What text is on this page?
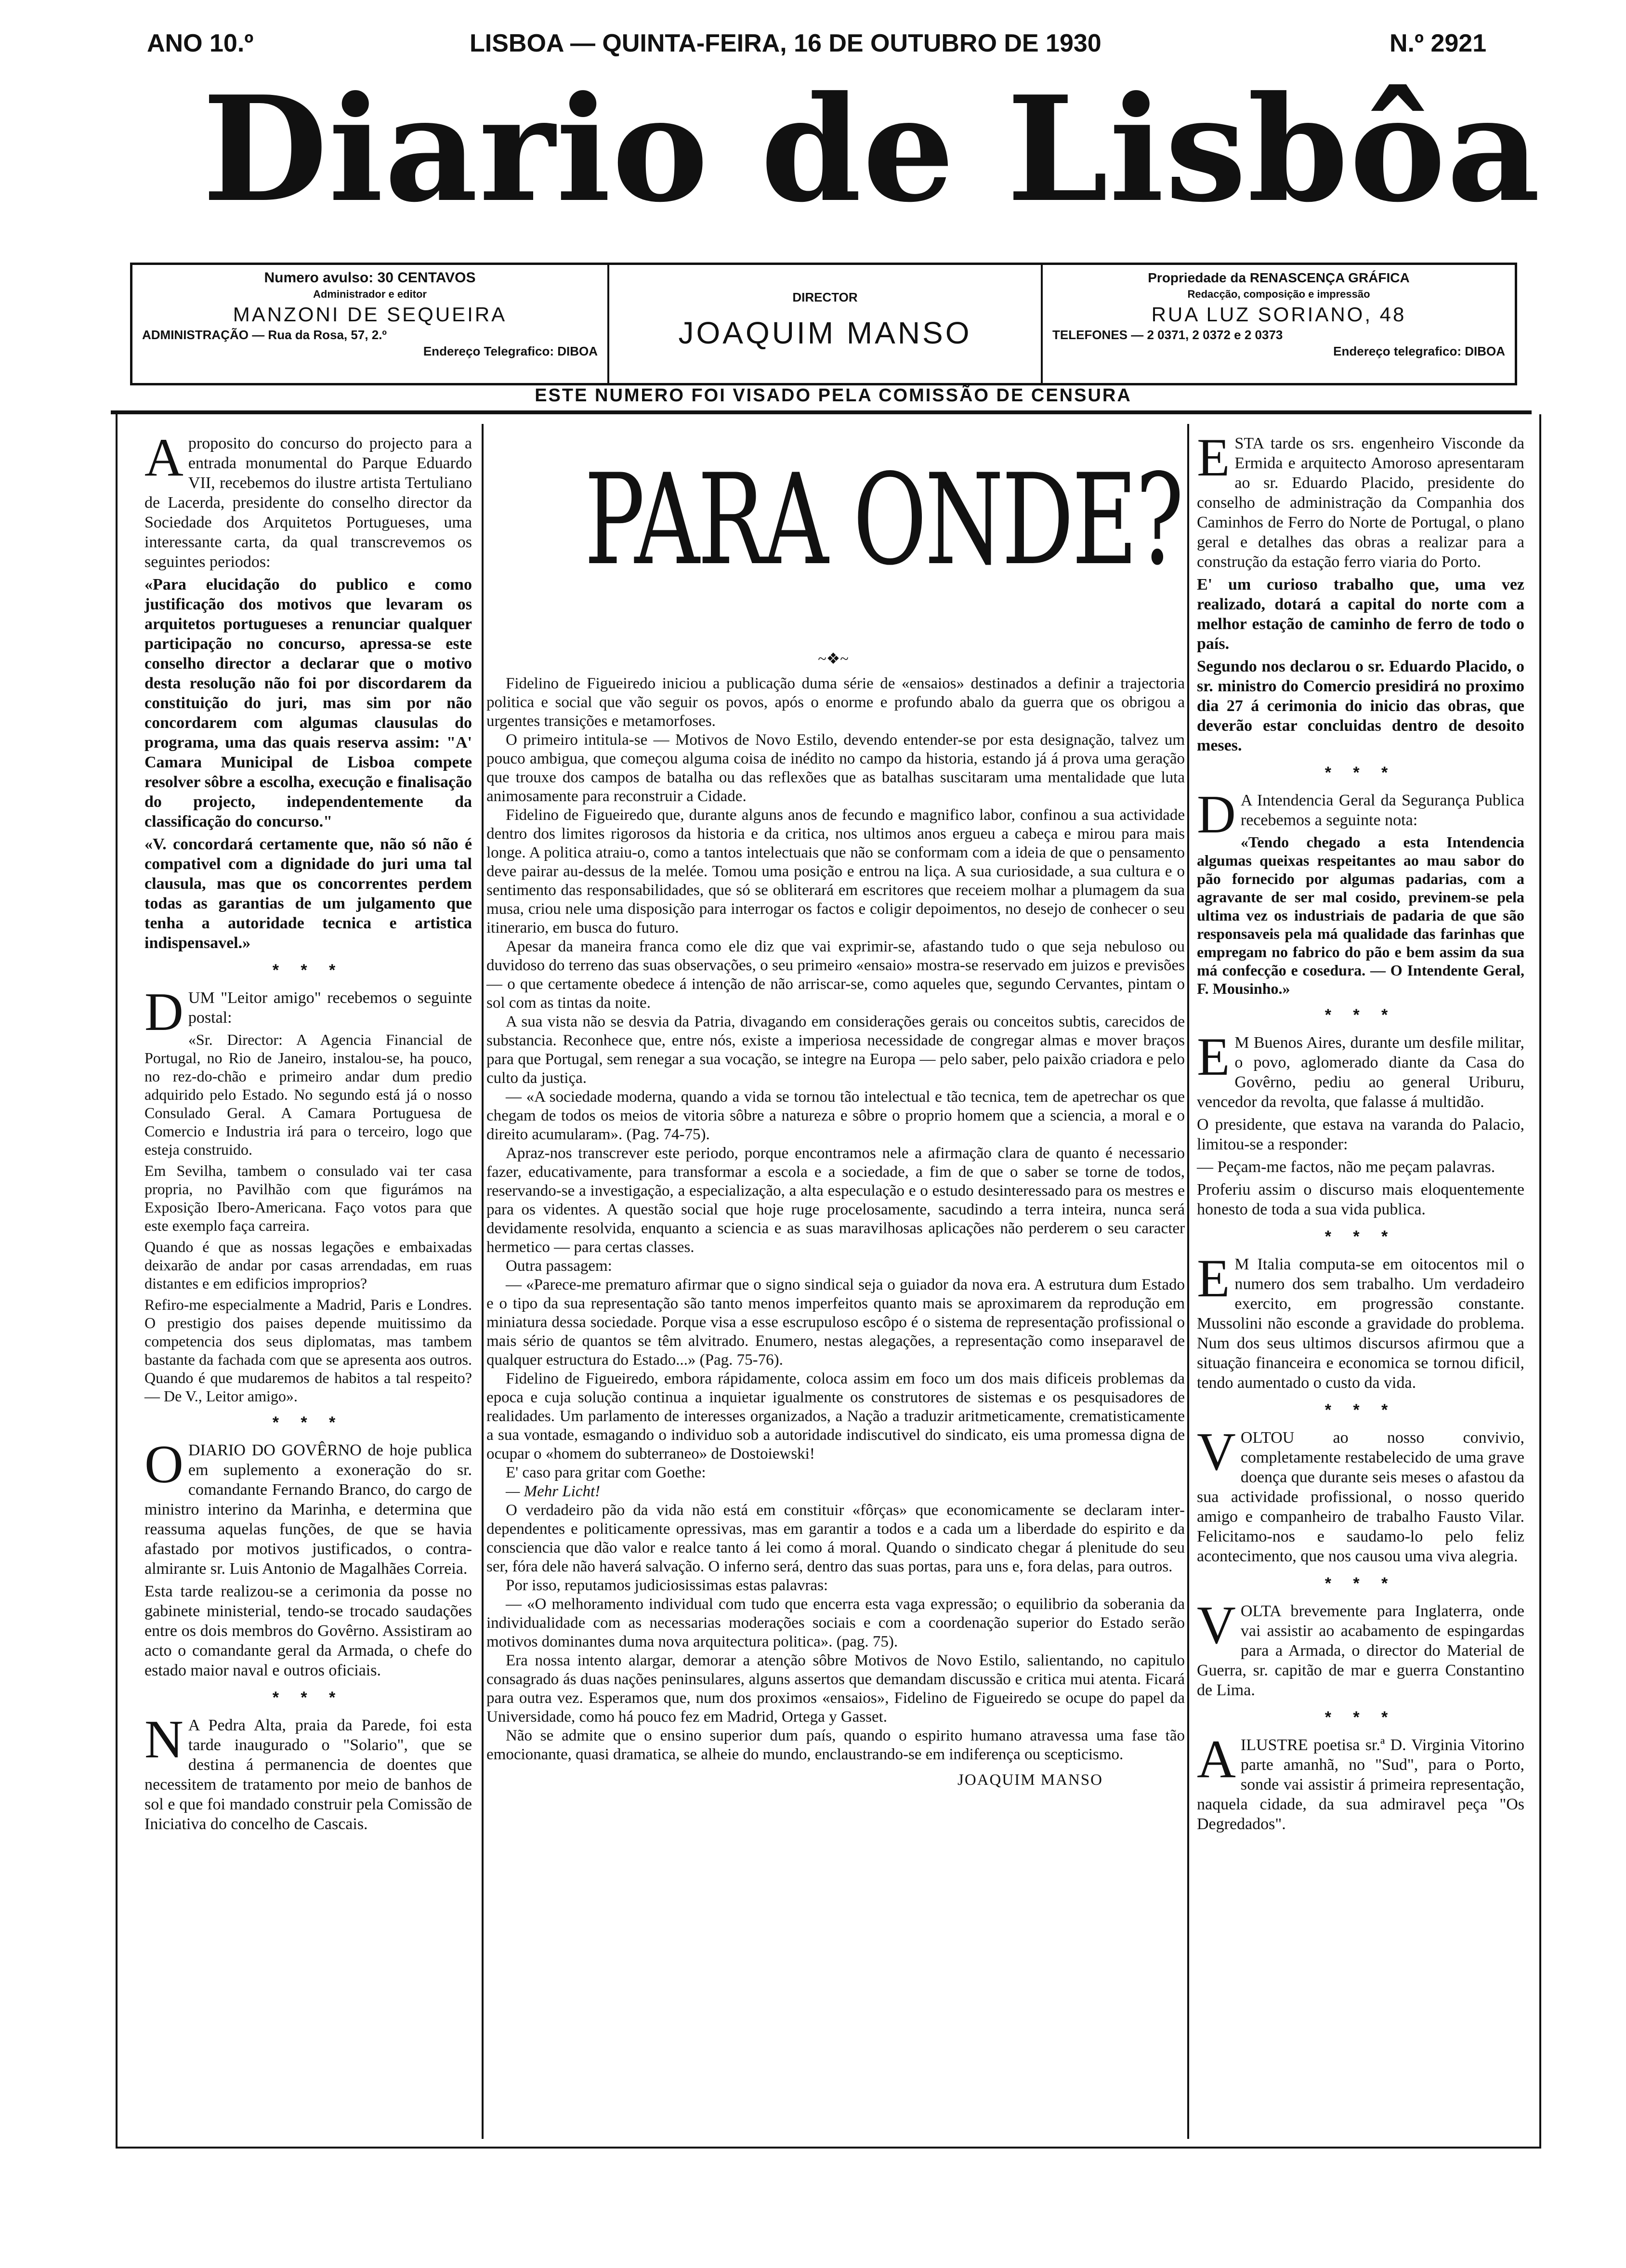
ANO 10.º	LISBOA — QUINTA-FEIRA, 16 DE OUTUBRO DE 1930	N.º 2921
Diario de Lisbôa
Numero avulso: 30 CENTAVOS
Administrador e editor
MANZONI DE SEQUEIRA
ADMINISTRAÇÃO — Rua da Rosa, 57, 2.º
Endereço Telegrafico: DIBOA
DIRECTOR
JOAQUIM MANSO
Propriedade da RENASCENÇA GRÁFICA
Redacção, composição e impressão
RUA LUZ SORIANO, 48
TELEFONES — 2 0371, 2 0372 e 2 0373
Endereço telegrafico: DIBOA
ESTE NUMERO FOI VISADO PELA COMISSÃO DE CENSURA

Aproposito do concurso do projecto para a entrada monumental do Parque Eduardo VII, recebemos do ilustre artista Tertuliano de Lacerda, presidente do conselho director da Sociedade dos Arquitetos Portugueses, uma interessante carta, da qual transcrevemos os seguintes periodos:

«Para elucidação do publico e como justificação dos motivos que levaram os arquitetos portugueses a renunciar qualquer participação no concurso, apressa-se este conselho director a declarar que o motivo desta resolução não foi por discordarem da constituição do juri, mas sim por não concordarem com algumas clausulas do programa, uma das quais reserva assim: "A' Camara Municipal de Lisboa compete resolver sôbre a escolha, execução e finalisação do projecto, independentemente da classificação do concurso."

«V. concordará certamente que, não só não é compativel com a dignidade do juri uma tal clausula, mas que os concorrentes perdem todas as garantias de um julgamento que tenha a autoridade tecnica e artistica indispensavel.»

* * *

DUM "Leitor amigo" recebemos o seguinte postal:

«Sr. Director: A Agencia Financial de Portugal, no Rio de Janeiro, instalou-se, ha pouco, no rez-do-chão e primeiro andar dum predio adquirido pelo Estado. No segundo está já o nosso Consulado Geral. A Camara Portuguesa de Comercio e Industria irá para o terceiro, logo que esteja construido.

Em Sevilha, tambem o consulado vai ter casa propria, no Pavilhão com que figurámos na Exposição Ibero-Americana. Faço votos para que este exemplo faça carreira.

Quando é que as nossas legações e embaixadas deixarão de andar por casas arrendadas, em ruas distantes e em edificios improprios?

Refiro-me especialmente a Madrid, Paris e Londres. O prestigio dos paises depende muitissimo da competencia dos seus diplomatas, mas tambem bastante da fachada com que se apresenta aos outros. Quando é que mudaremos de habitos a tal respeito? — De V., Leitor amigo».

* * *

ODIARIO DO GOVÊRNO de hoje publica em suplemento a exoneração do sr. comandante Fernando Branco, do cargo de ministro interino da Marinha, e determina que reassuma aquelas funções, de que se havia afastado por motivos justificados, o contra-almirante sr. Luis Antonio de Magalhães Correia.

Esta tarde realizou-se a cerimonia da posse no gabinete ministerial, tendo-se trocado saudações entre os dois membros do Govêrno. Assistiram ao acto o comandante geral da Armada, o chefe do estado maior naval e outros oficiais.

* * *

N A Pedra Alta, praia da Parede, foi esta tarde inaugurado o "Solario", que se destina á permanencia de doentes que necessitem de tratamento por meio de banhos de sol e que foi mandado construir pela Comissão de Iniciativa do concelho de Cascais.

PARA ONDE?
~❖~

Fidelino de Figueiredo iniciou a publicação duma série de «ensaios» destinados a definir a trajectoria politica e social que vão seguir os povos, após o enorme e profundo abalo da guerra que os obrigou a urgentes transições e metamorfoses.

O primeiro intitula-se — Motivos de Novo Estilo, devendo entender-se por esta designação, talvez um pouco ambigua, que começou alguma coisa de inédito no campo da historia, estando já á prova uma geração que trouxe dos campos de batalha ou das reflexões que as batalhas suscitaram uma mentalidade que luta animosamente para reconstruir a Cidade.

Fidelino de Figueiredo que, durante alguns anos de fecundo e magnifico labor, confinou a sua actividade dentro dos limites rigorosos da historia e da critica, nos ultimos anos ergueu a cabeça e mirou para mais longe. A politica atraiu-o, como a tantos intelectuais que não se conformam com a ideia de que o pensamento deve pairar au-dessus de la melée. Tomou uma posição e entrou na liça. A sua curiosidade, a sua cultura e o sentimento das responsabilidades, que só se obliterará em escritores que receiem molhar a plumagem da sua musa, criou nele uma disposição para interrogar os factos e coligir depoimentos, no desejo de conhecer o seu itinerario, em busca do futuro.

Apesar da maneira franca como ele diz que vai exprimir-se, afastando tudo o que seja nebuloso ou duvidoso do terreno das suas observações, o seu primeiro «ensaio» mostra-se reservado em juizos e previsões — o que certamente obedece á intenção de não arriscar-se, como aqueles que, segundo Cervantes, pintam o sol com as tintas da noite.

A sua vista não se desvia da Patria, divagando em considerações gerais ou conceitos subtis, carecidos de substancia. Reconhece que, entre nós, existe a imperiosa necessidade de congregar almas e mover braços para que Portugal, sem renegar a sua vocação, se integre na Europa — pelo saber, pelo paixão criadora e pelo culto da justiça.

— «A sociedade moderna, quando a vida se tornou tão intelectual e tão tecnica, tem de apetrechar os que chegam de todos os meios de vitoria sôbre a natureza e sôbre o proprio homem que a sciencia, a moral e o direito acumularam». (Pag. 74-75).

Apraz-nos transcrever este periodo, porque encontramos nele a afirmação clara de quanto é necessario fazer, educativamente, para transformar a escola e a sociedade, a fim de que o saber se torne de todos, reservando-se a investigação, a especialização, a alta especulação e o estudo desinteressado para os mestres e para os videntes. A questão social que hoje ruge procelosamente, sacudindo a terra inteira, nunca será devidamente resolvida, enquanto a sciencia e as suas maravilhosas aplicações não perderem o seu caracter hermetico — para certas classes.

Outra passagem:

— «Parece-me prematuro afirmar que o signo sindical seja o guiador da nova era. A estrutura dum Estado e o tipo da sua representação são tanto menos imperfeitos quanto mais se aproximarem da reprodução em miniatura dessa sociedade. Porque visa a esse escrupuloso escôpo é o sistema de representação profissional o mais sério de quantos se têm alvitrado. Enumero, nestas alegações, a representação como inseparavel de qualquer estructura do Estado...» (Pag. 75-76).

Fidelino de Figueiredo, embora rápidamente, coloca assim em foco um dos mais dificeis problemas da epoca e cuja solução continua a inquietar igualmente os construtores de sistemas e os pesquisadores de realidades. Um parlamento de interesses organizados, a Nação a traduzir aritmeticamente, crematisticamente a sua vontade, esmagando o individuo sob a autoridade indiscutivel do sindicato, eis uma promessa digna de ocupar o «homem do subterraneo» de Dostoiewski!

E' caso para gritar com Goethe:

— Mehr Licht!

O verdadeiro pão da vida não está em constituir «fôrças» que economicamente se declaram inter-dependentes e politicamente opressivas, mas em garantir a todos e a cada um a liberdade do espirito e da consciencia que dão valor e realce tanto á lei como á moral. Quando o sindicato chegar á plenitude do seu ser, fóra dele não haverá salvação. O inferno será, dentro das suas portas, para uns e, fora delas, para outros.

Por isso, reputamos judiciosissimas estas palavras:

— «O melhoramento individual com tudo que encerra esta vaga expressão; o equilibrio da soberania da individualidade com as necessarias moderações sociais e com a coordenação superior do Estado serão motivos dominantes duma nova arquitectura politica». (pag. 75).

Era nossa intento alargar, demorar a atenção sôbre Motivos de Novo Estilo, salientando, no capitulo consagrado ás duas nações peninsulares, alguns assertos que demandam discussão e critica mui atenta. Ficará para outra vez. Esperamos que, num dos proximos «ensaios», Fidelino de Figueiredo se ocupe do papel da Universidade, como há pouco fez em Madrid, Ortega y Gasset.

Não se admite que o ensino superior dum país, quando o espirito humano atravessa uma fase tão emocionante, quasi dramatica, se alheie do mundo, enclaustrando-se em indiferença ou scepticismo.

JOAQUIM MANSO

ESTA tarde os srs. engenheiro Visconde da Ermida e arquitecto Amoroso apresentaram ao sr. Eduardo Placido, presidente do conselho de administração da Companhia dos Caminhos de Ferro do Norte de Portugal, o plano geral e detalhes das obras a realizar para a construção da estação ferro viaria do Porto.

E' um curioso trabalho que, uma vez realizado, dotará a capital do norte com a melhor estação de caminho de ferro de todo o país.

Segundo nos declarou o sr. Eduardo Placido, o sr. ministro do Comercio presidirá no proximo dia 27 á cerimonia do inicio das obras, que deverão estar concluidas dentro de desoito meses.

* * *

D A Intendencia Geral da Segurança Publica recebemos a seguinte nota:

«Tendo chegado a esta Intendencia algumas queixas respeitantes ao mau sabor do pão fornecido por algumas padarias, com a agravante de ser mal cosido, previnem-se pela ultima vez os industriais de padaria de que são responsaveis pela má qualidade das farinhas que empregam no fabrico do pão e bem assim da sua má confecção e cosedura. — O Intendente Geral, F. Mousinho.»

* * *

E M Buenos Aires, durante um desfile militar, o povo, aglomerado diante da Casa do Govêrno, pediu ao general Uriburu, vencedor da revolta, que falasse á multidão.

O presidente, que estava na varanda do Palacio, limitou-se a responder:

— Peçam-me factos, não me peçam palavras.

Proferiu assim o discurso mais eloquentemente honesto de toda a sua vida publica.

* * *

E M Italia computa-se em oitocentos mil o numero dos sem trabalho. Um verdadeiro exercito, em progressão constante. Mussolini não esconde a gravidade do problema. Num dos seus ultimos discursos afirmou que a situação financeira e economica se tornou dificil, tendo aumentado o custo da vida.

* * *

VOLTOU ao nosso convivio, completamente restabelecido de uma grave doença que durante seis meses o afastou da sua actividade profissional, o nosso querido amigo e companheiro de trabalho Fausto Vilar. Felicitamo-nos e saudamo-lo pelo feliz acontecimento, que nos causou uma viva alegria.

* * *

VOLTA brevemente para Inglaterra, onde vai assistir ao acabamento de espingardas para a Armada, o director do Material de Guerra, sr. capitão de mar e guerra Constantino de Lima.

* * *

AILUSTRE poetisa sr.ª D. Virginia Vitorino parte amanhã, no "Sud", para o Porto, sonde vai assistir á primeira representação, naquela cidade, da sua admiravel peça "Os Degredados".
